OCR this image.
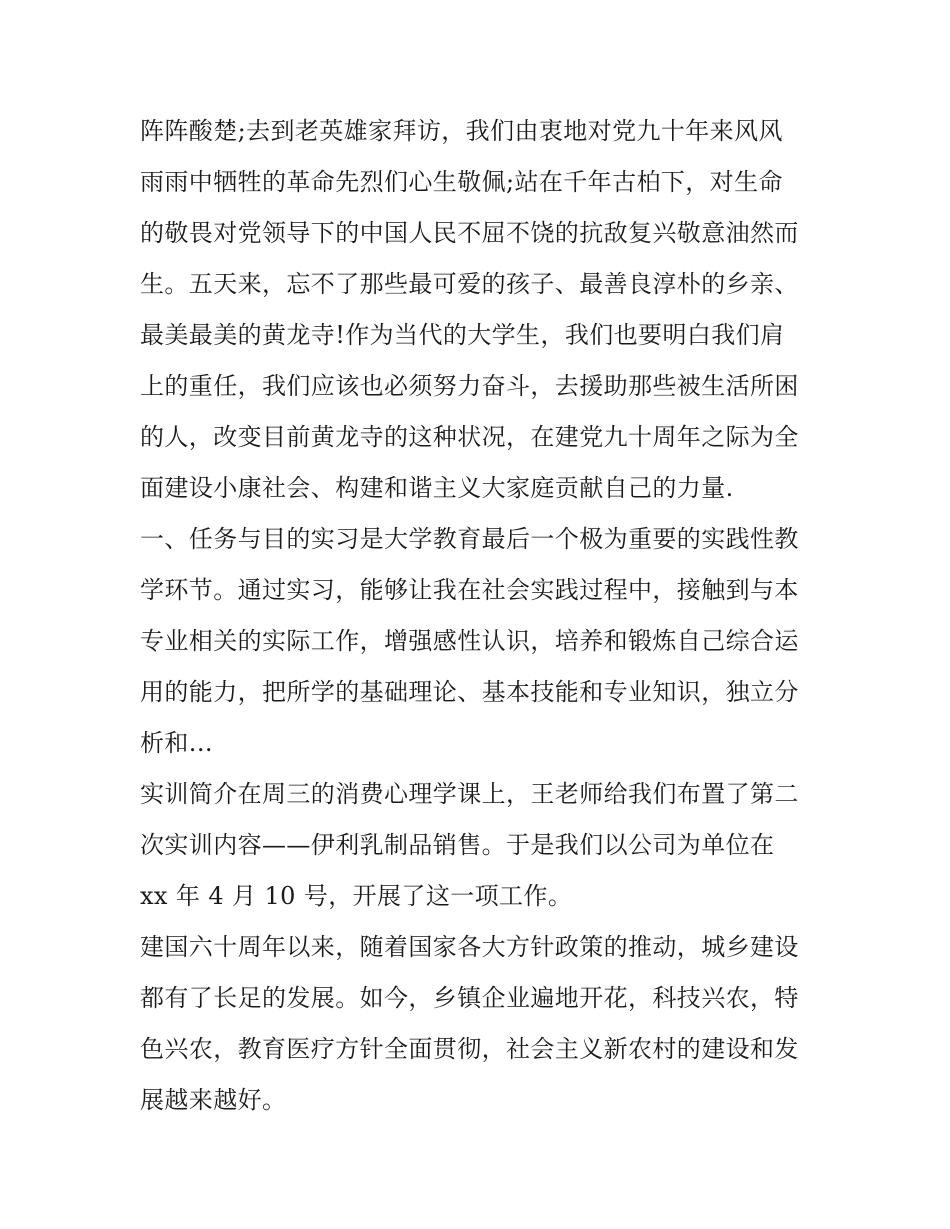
阵阵酸楚;去到老英雄家拜访，我们由衷地对党九十年来风风
雨雨中牺牲的革命先烈们心生敬佩;站在千年古柏下，对生命
的敬畏对党领导下的中国人民不屈不饶的抗敌复兴敬意油然而
生。五天来，忘不了那些最可爱的孩子、最善良淳朴的乡亲、
最美最美的黄龙寺!作为当代的大学生，我们也要明白我们肩
上的重任，我们应该也必须努力奋斗，去援助那些被生活所困
的人，改变目前黄龙寺的这种状况，在建党九十周年之际为全
面建设小康社会、构建和谐主义大家庭贡献自己的力量.
一、任务与目的实习是大学教育最后一个极为重要的实践性教
学环节。通过实习，能够让我在社会实践过程中，接触到与本
专业相关的实际工作，增强感性认识，培养和锻炼自己综合运
用的能力，把所学的基础理论、基本技能和专业知识，独立分
析和...
实训简介在周三的消费心理学课上，王老师给我们布置了第二
次实训内容——伊利乳制品销售。于是我们以公司为单位在
xx 年 4 月 10 号，开展了这一项工作。
建国六十周年以来，随着国家各大方针政策的推动，城乡建设
都有了长足的发展。如今，乡镇企业遍地开花，科技兴农，特
色兴农，教育医疗方针全面贯彻，社会主义新农村的建设和发
展越来越好。
